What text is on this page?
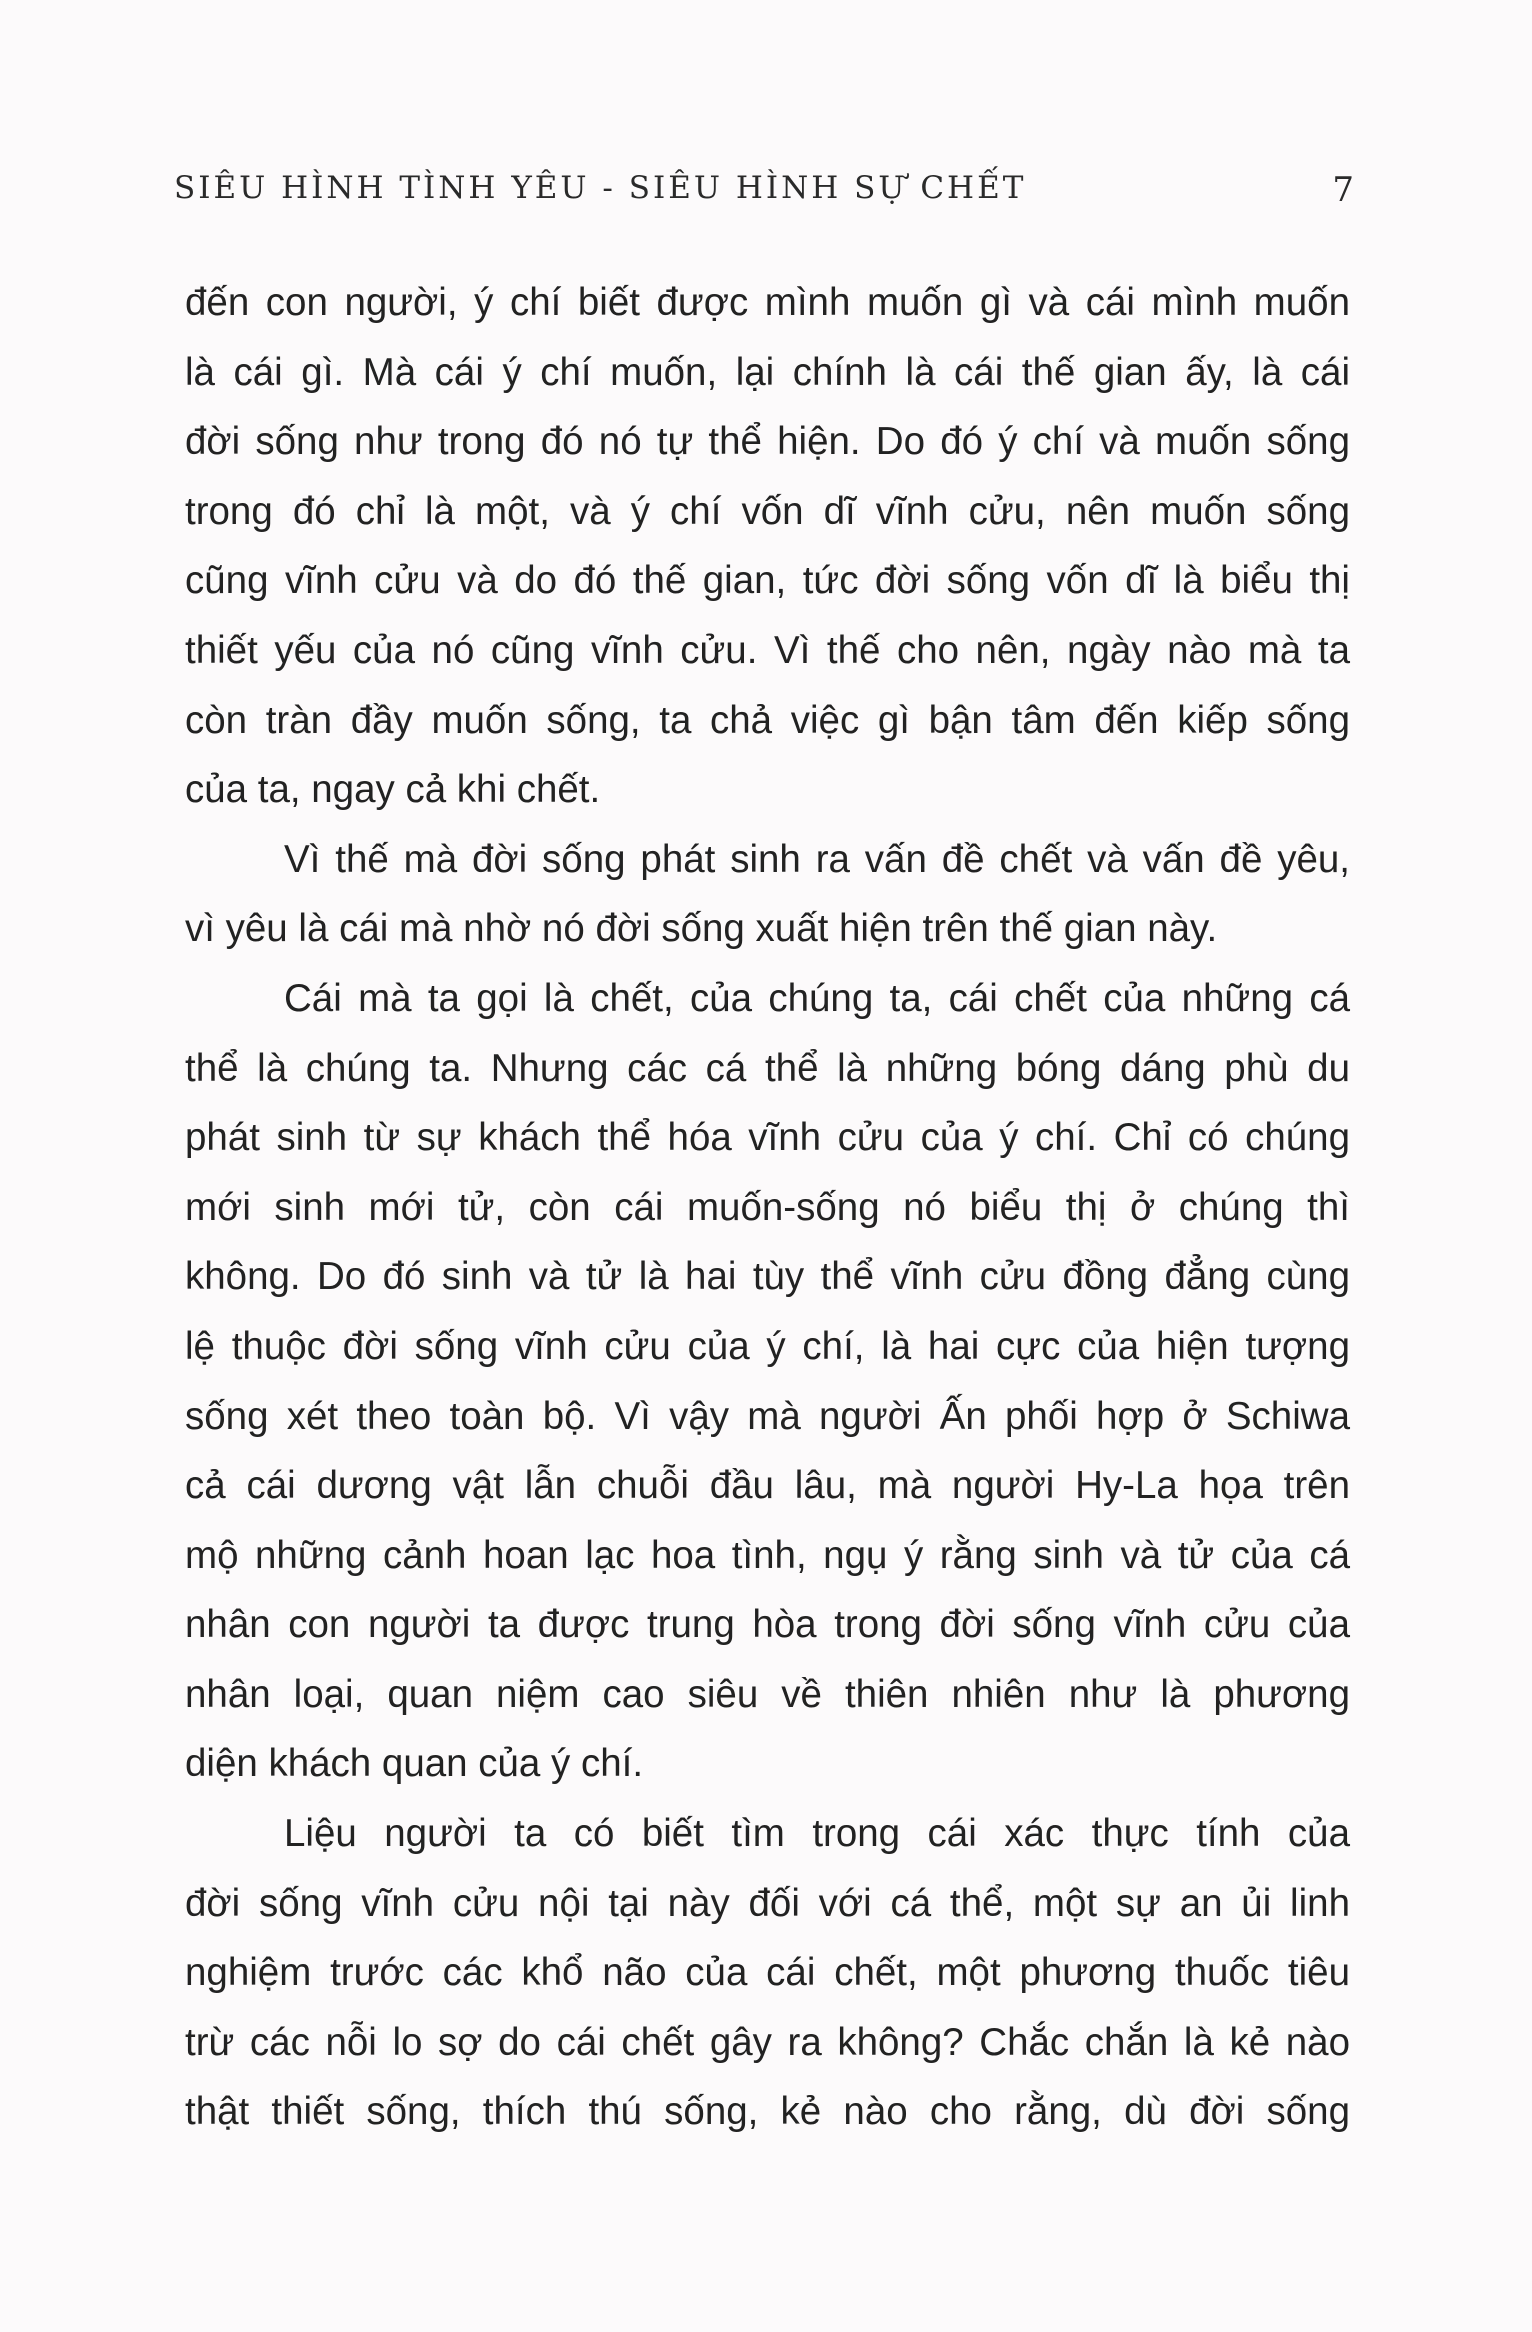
SIÊU HÌNH TÌNH YÊU - SIÊU HÌNH SỰ CHẾT	7
đến con người, ý chí biết được mình muốn gì và cái mình muốn
là cái gì. Mà cái ý chí muốn, lại chính là cái thế gian ấy, là cái
đời sống như trong đó nó tự thể hiện. Do đó ý chí và muốn sống
trong đó chỉ là một, và ý chí vốn dĩ vĩnh cửu, nên muốn sống
cũng vĩnh cửu và do đó thế gian, tức đời sống vốn dĩ là biểu thị
thiết yếu của nó cũng vĩnh cửu. Vì thế cho nên, ngày nào mà ta
còn tràn đầy muốn sống, ta chả việc gì bận tâm đến kiếp sống
của ta, ngay cả khi chết.
Vì thế mà đời sống phát sinh ra vấn đề chết và vấn đề yêu,
vì yêu là cái mà nhờ nó đời sống xuất hiện trên thế gian này.
Cái mà ta gọi là chết, của chúng ta, cái chết của những cá
thể là chúng ta. Nhưng các cá thể là những bóng dáng phù du
phát sinh từ sự khách thể hóa vĩnh cửu của ý chí. Chỉ có chúng
mới sinh mới tử, còn cái muốn-sống nó biểu thị ở chúng thì
không. Do đó sinh và tử là hai tùy thể vĩnh cửu đồng đẳng cùng
lệ thuộc đời sống vĩnh cửu của ý chí, là hai cực của hiện tượng
sống xét theo toàn bộ. Vì vậy mà người Ấn phối hợp ở Schiwa
cả cái dương vật lẫn chuỗi đầu lâu, mà người Hy-La họa trên
mộ những cảnh hoan lạc hoa tình, ngụ ý rằng sinh và tử của cá
nhân con người ta được trung hòa trong đời sống vĩnh cửu của
nhân loại, quan niệm cao siêu về thiên nhiên như là phương
diện khách quan của ý chí.
Liệu người ta có biết tìm trong cái xác thực tính của
đời sống vĩnh cửu nội tại này đối với cá thể, một sự an ủi linh
nghiệm trước các khổ não của cái chết, một phương thuốc tiêu
trừ các nỗi lo sợ do cái chết gây ra không? Chắc chắn là kẻ nào
thật thiết sống, thích thú sống, kẻ nào cho rằng, dù đời sống
